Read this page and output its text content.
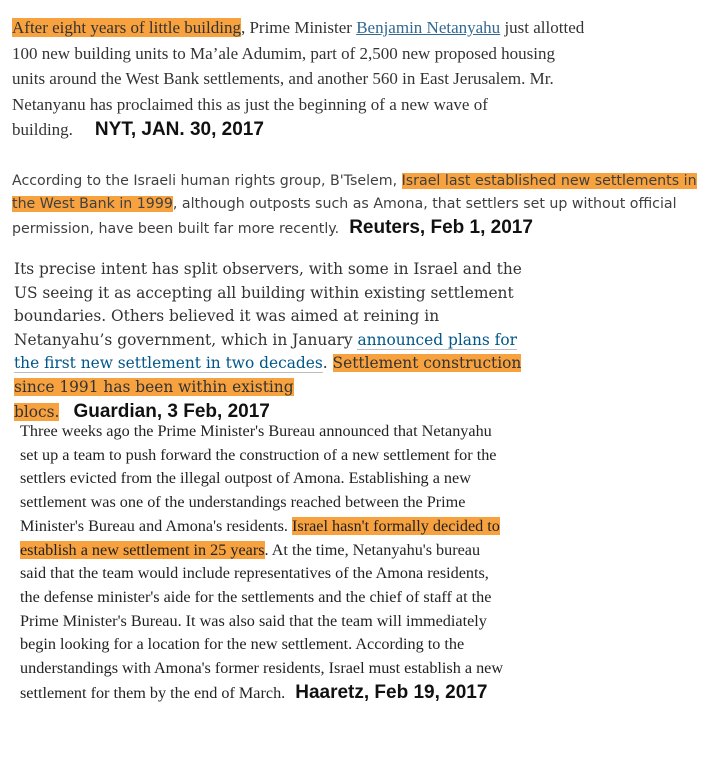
After eight years of little building, Prime Minister Benjamin Netanyahu just allotted 100 new building units to Ma’ale Adumim, part of 2,500 new proposed housing units around the West Bank settlements, and another 560 in East Jerusalem. Mr. Netanyanu has proclaimed this as just the beginning of a new wave of building. NYT, JAN. 30, 2017
According to the Israeli human rights group, B'Tselem, Israel last established new settlements in the West Bank in 1999, although outposts such as Amona, that settlers set up without official permission, have been built far more recently. Reuters, Feb 1, 2017
Its precise intent has split observers, with some in Israel and the US seeing it as accepting all building within existing settlement boundaries. Others believed it was aimed at reining in Netanyahu’s government, which in January announced plans for the first new settlement in two decades. Settlement construction since 1991 has been within existing blocs. Guardian, 3 Feb, 2017
Three weeks ago the Prime Minister's Bureau announced that Netanyahu set up a team to push forward the construction of a new settlement for the settlers evicted from the illegal outpost of Amona. Establishing a new settlement was one of the understandings reached between the Prime Minister's Bureau and Amona's residents. Israel hasn't formally decided to establish a new settlement in 25 years. At the time, Netanyahu's bureau said that the team would include representatives of the Amona residents, the defense minister's aide for the settlements and the chief of staff at the Prime Minister's Bureau. It was also said that the team will immediately begin looking for a location for the new settlement. According to the understandings with Amona's former residents, Israel must establish a new settlement for them by the end of March. Haaretz, Feb 19, 2017
